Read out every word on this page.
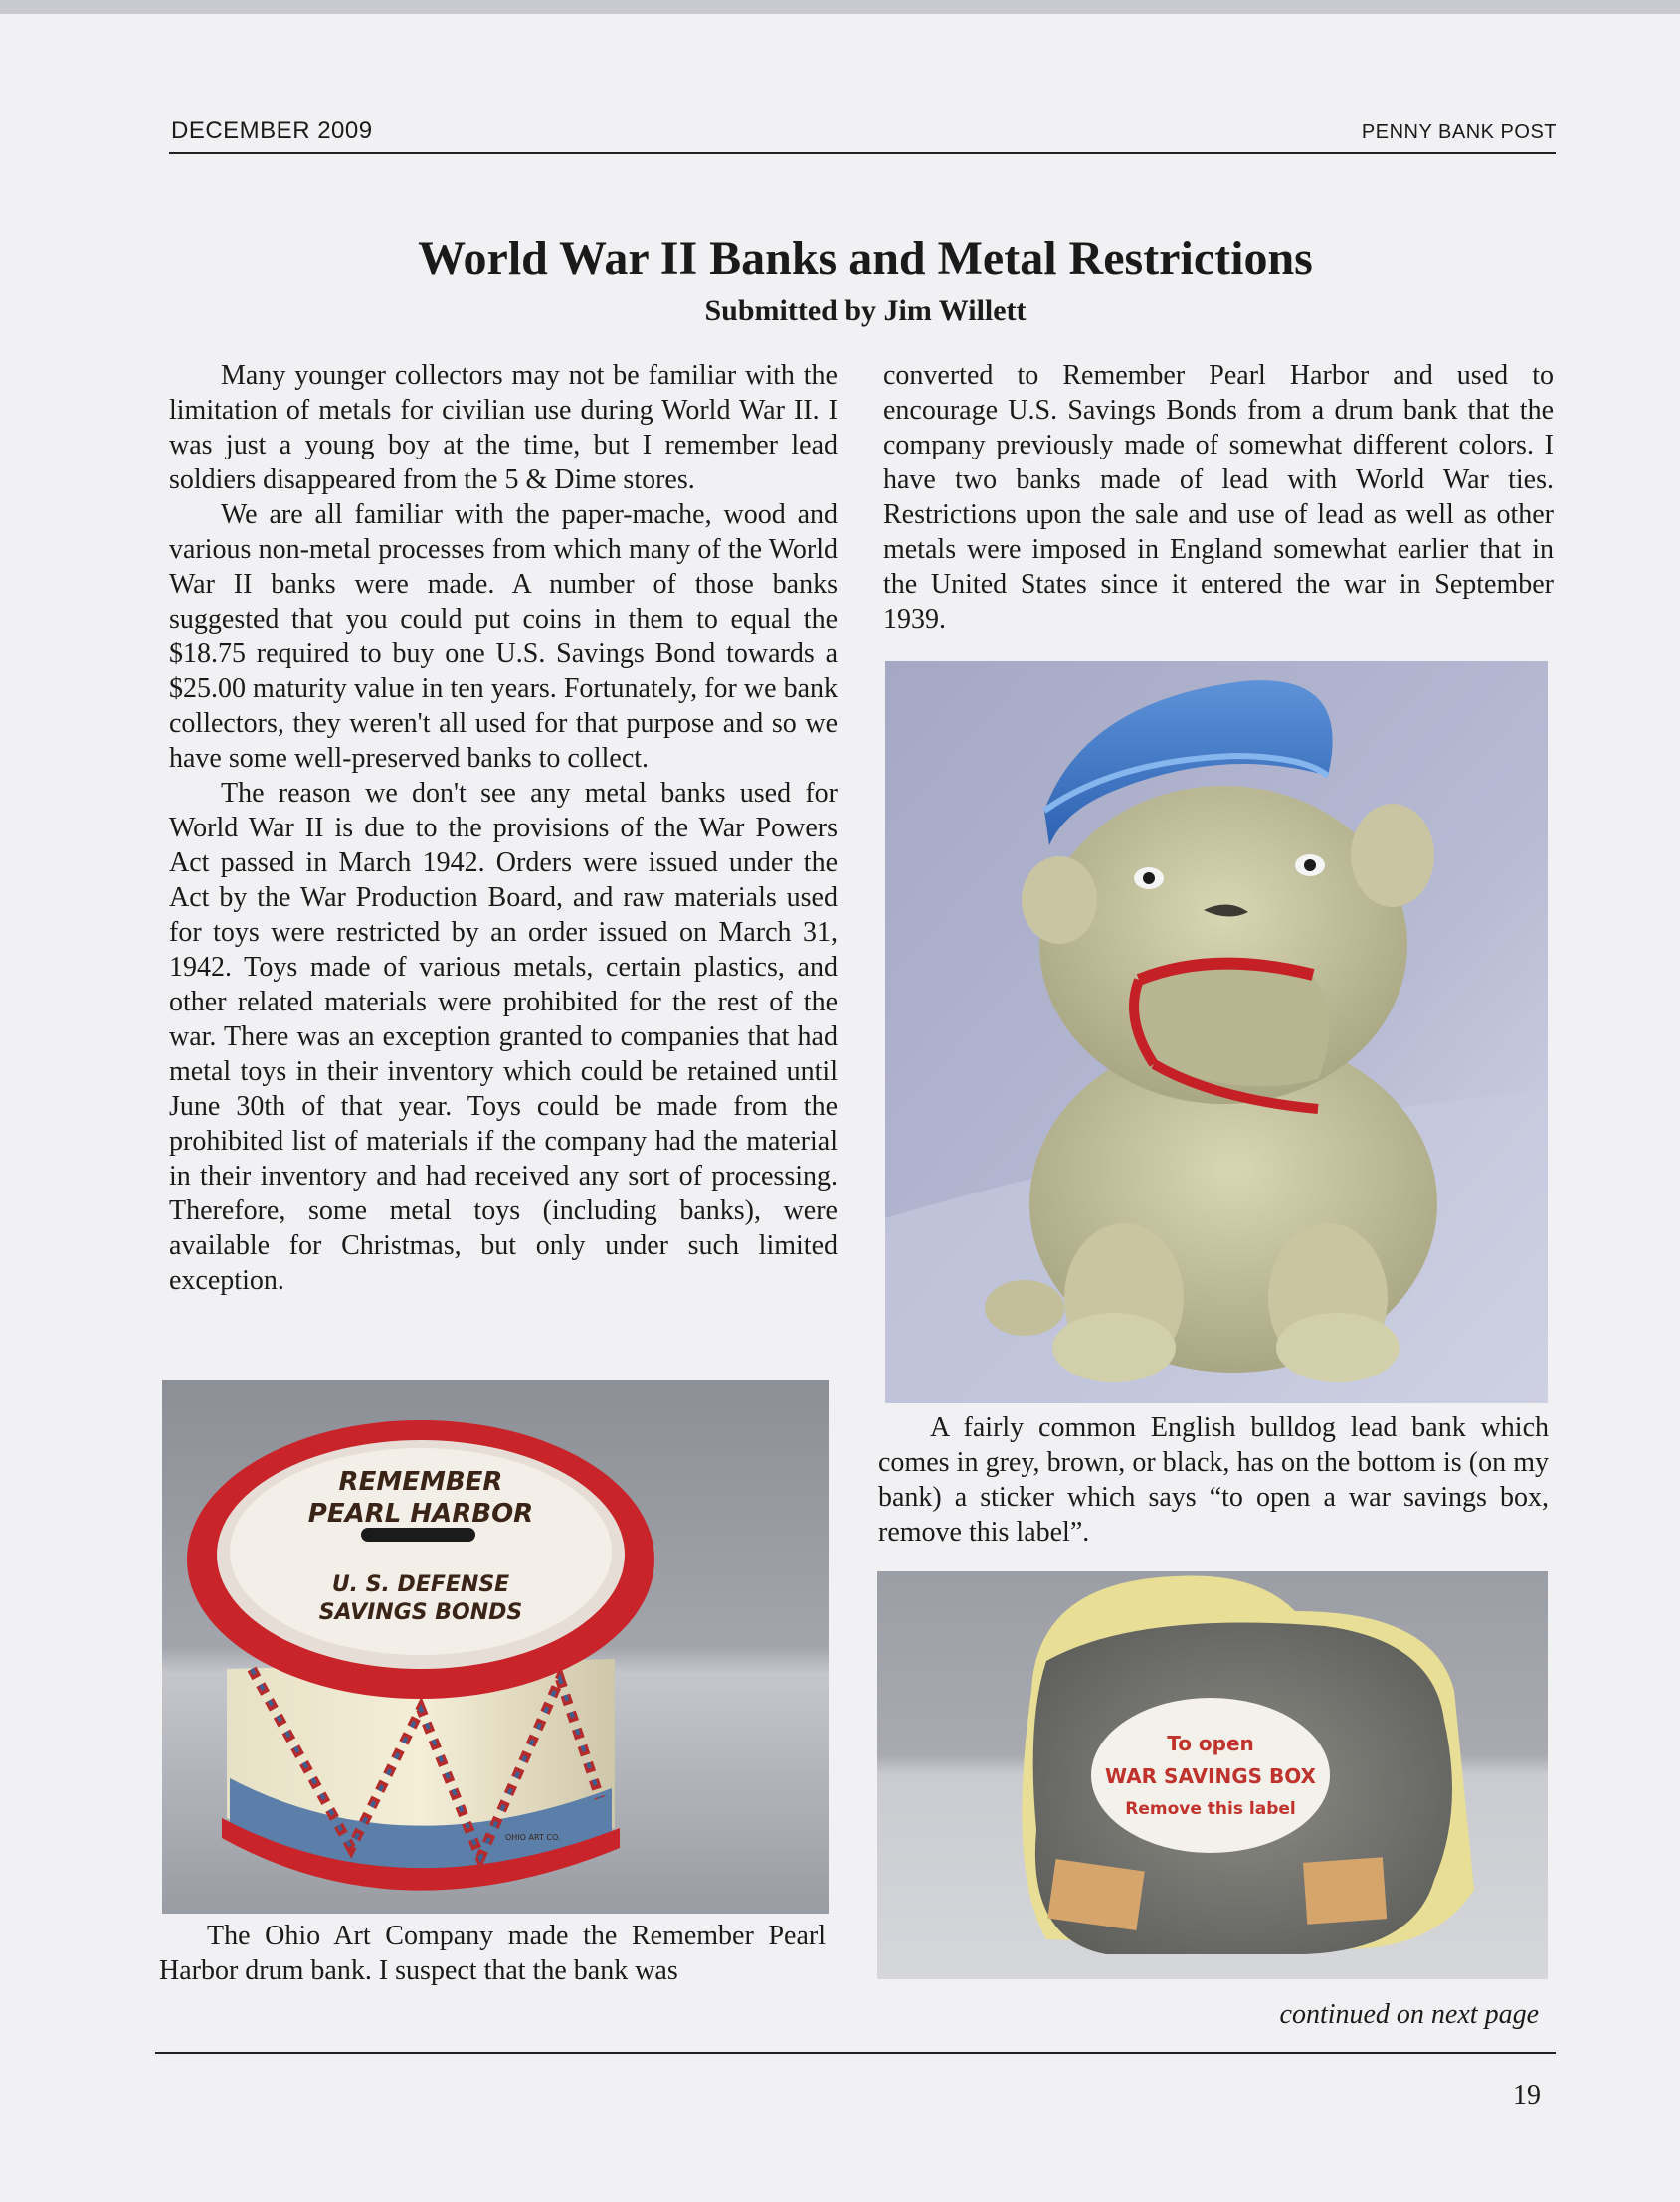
DECEMBER 2009	PENNY BANK POST
World War II Banks and Metal Restrictions
Submitted by Jim Willett

Many younger collectors may not be familiar with the limitation of metals for civilian use during World War II. I was just a young boy at the time, but I remember lead soldiers disappeared from the 5 & Dime stores.

We are all familiar with the paper-mache, wood and various non-metal processes from which many of the World War II banks were made. A number of those banks suggested that you could put coins in them to equal the $18.75 required to buy one U.S. Savings Bond towards a $25.00 maturity value in ten years. Fortunately, for we bank collectors, they weren't all used for that purpose and so we have some well-preserved banks to collect.

The reason we don't see any metal banks used for World War II is due to the provisions of the War Powers Act passed in March 1942. Orders were issued under the Act by the War Production Board, and raw materials used for toys were restricted by an order issued on March 31, 1942. Toys made of various metals, certain plastics, and other related materials were prohibited for the rest of the war. There was an exception granted to companies that had metal toys in their inventory which could be retained until June 30th of that year. Toys could be made from the prohibited list of materials if the company had the material in their inventory and had received any sort of processing. Therefore, some metal toys (including banks), were available for Christmas, but only under such limited exception.

converted to Remember Pearl Harbor and used to encourage U.S. Savings Bonds from a drum bank that the company previously made of somewhat different colors. I have two banks made of lead with World War ties. Restrictions upon the sale and use of lead as well as other metals were imposed in England somewhat earlier that in the United States since it entered the war in September 1939.

REMEMBER
PEARL HARBOR
U. S. DEFENSE
SAVINGS BONDS
OHIO ART CO.
The Ohio Art Company made the Remember Pearl Harbor drum bank. I suspect that the bank was
A fairly common English bulldog lead bank which comes in grey, brown, or black, has on the bottom is (on my bank) a sticker which says “to open a war savings box, remove this label”.
To open
WAR SAVINGS BOX
Remove this label
continued on next page
19
